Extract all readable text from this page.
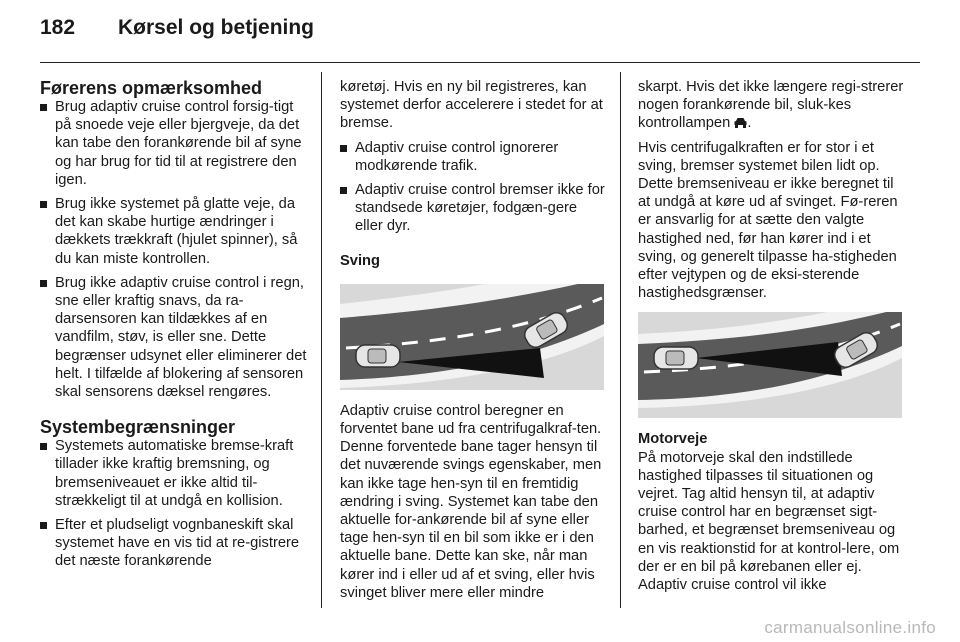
182	Kørsel og betjening
Førerens opmærksomhed
Brug adaptiv cruise control forsig-tigt på snoede veje eller bjergveje, da det kan tabe den forankørende bil af syne og har brug for tid til at registrere den igen.
Brug ikke systemet på glatte veje, da det kan skabe hurtige ændringer i dækkets trækkraft (hjulet spinner), så du kan miste kontrollen.
Brug ikke adaptiv cruise control i regn, sne eller kraftig snavs, da ra-darsensoren kan tildækkes af en vandfilm, støv, is eller sne. Dette begrænser udsynet eller eliminerer det helt. I tilfælde af blokering af sensoren skal sensorens dæksel rengøres.
Systembegrænsninger
Systemets automatiske bremse-kraft tillader ikke kraftig bremsning, og bremseniveauet er ikke altid til-strækkeligt til at undgå en kollision.
Efter et pludseligt vognbaneskift skal systemet have en vis tid at re-gistrere det næste forankørende

køretøj. Hvis en ny bil registreres, kan systemet derfor accelerere i stedet for at bremse.

Adaptiv cruise control ignorerer modkørende trafik.
Adaptiv cruise control bremser ikke for standsede køretøjer, fodgæn-gere eller dyr.
Sving

Adaptiv cruise control beregner en forventet bane ud fra centrifugalkraf-ten. Denne forventede bane tager hensyn til det nuværende svings egenskaber, men kan ikke tage hen-syn til en fremtidig ændring i sving. Systemet kan tabe den aktuelle for-ankørende bil af syne eller tage hen-syn til en bil som ikke er i den aktuelle bane. Dette kan ske, når man kører ind i eller ud af et sving, eller hvis svinget bliver mere eller mindre

skarpt. Hvis det ikke længere regi-strerer nogen forankørende bil, sluk-kes kontrollampen .

Hvis centrifugalkraften er for stor i et sving, bremser systemet bilen lidt op. Dette bremseniveau er ikke beregnet til at undgå at køre ud af svinget. Fø-reren er ansvarlig for at sætte den valgte hastighed ned, før han kører ind i et sving, og generelt tilpasse ha-stigheden efter vejtypen og de eksi-sterende hastighedsgrænser.

Motorveje

På motorveje skal den indstillede hastighed tilpasses til situationen og vejret. Tag altid hensyn til, at adaptiv cruise control har en begrænset sigt-barhed, et begrænset bremseniveau og en vis reaktionstid for at kontrol-lere, om der er en bil på kørebanen eller ej. Adaptiv cruise control vil ikke

carmanualsonline.info
